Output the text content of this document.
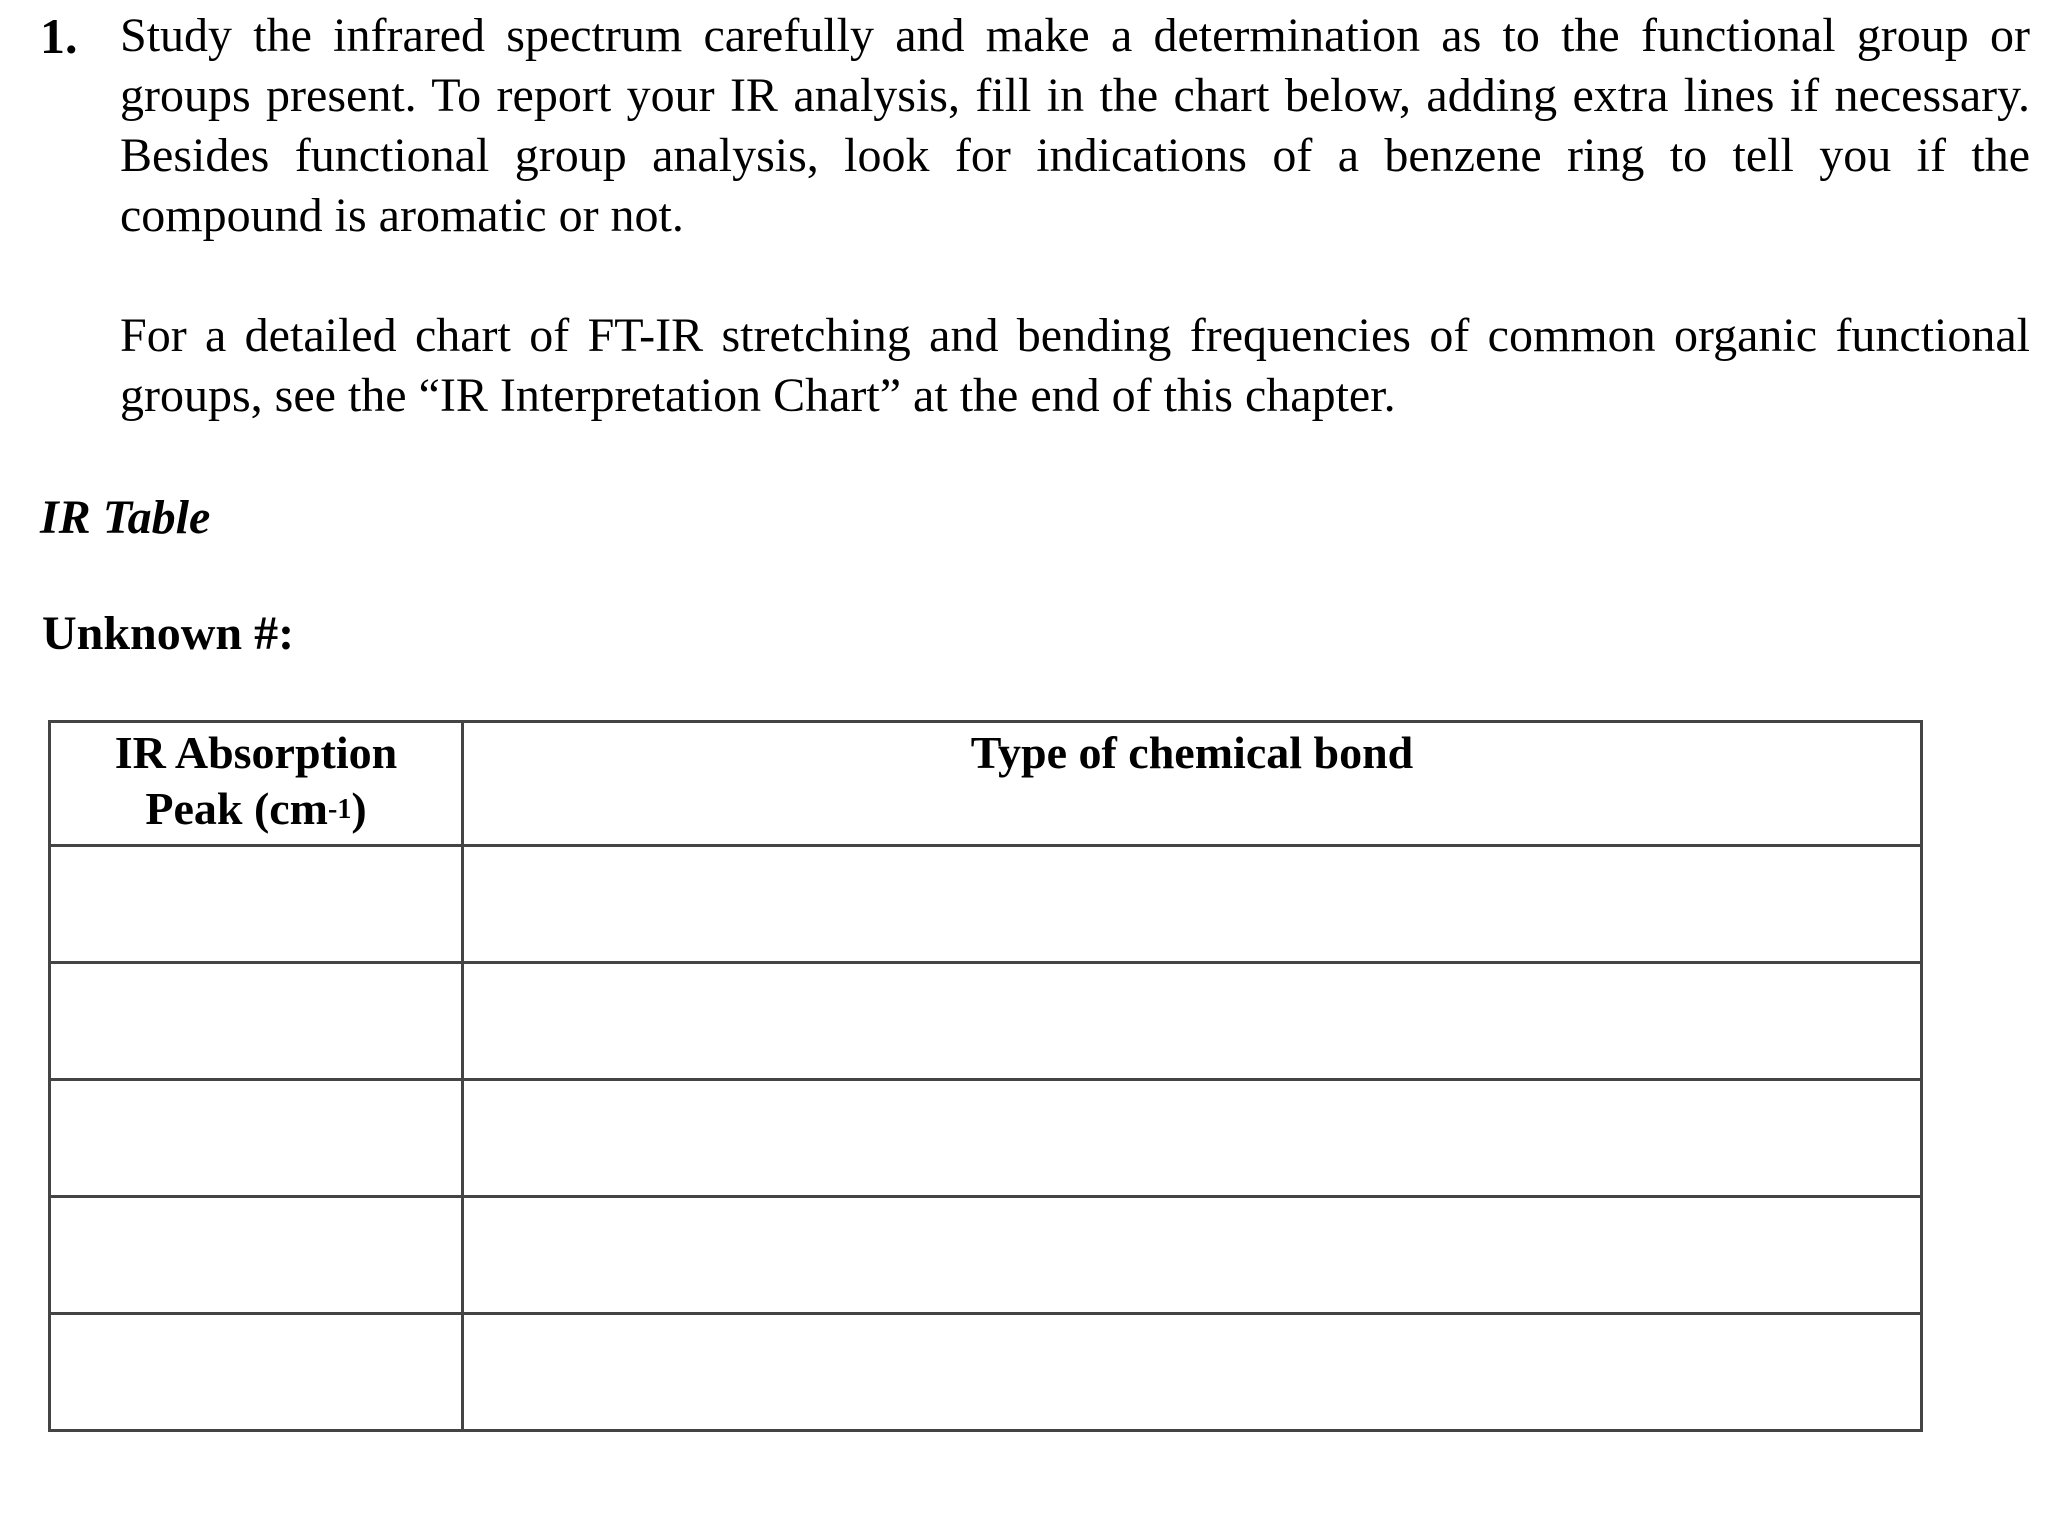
1. Study the infrared spectrum carefully and make a determination as to the functional group or groups present. To report your IR analysis, fill in the chart below, adding extra lines if necessary. Besides functional group analysis, look for indications of a benzene ring to tell you if the compound is aromatic or not.

For a detailed chart of FT-IR stretching and bending frequencies of common organic functional groups, see the “IR Interpretation Chart” at the end of this chapter.

IR Table
Unknown #:
IR Absorption
Peak $(cm^{-1})$	Type of chemical bond
